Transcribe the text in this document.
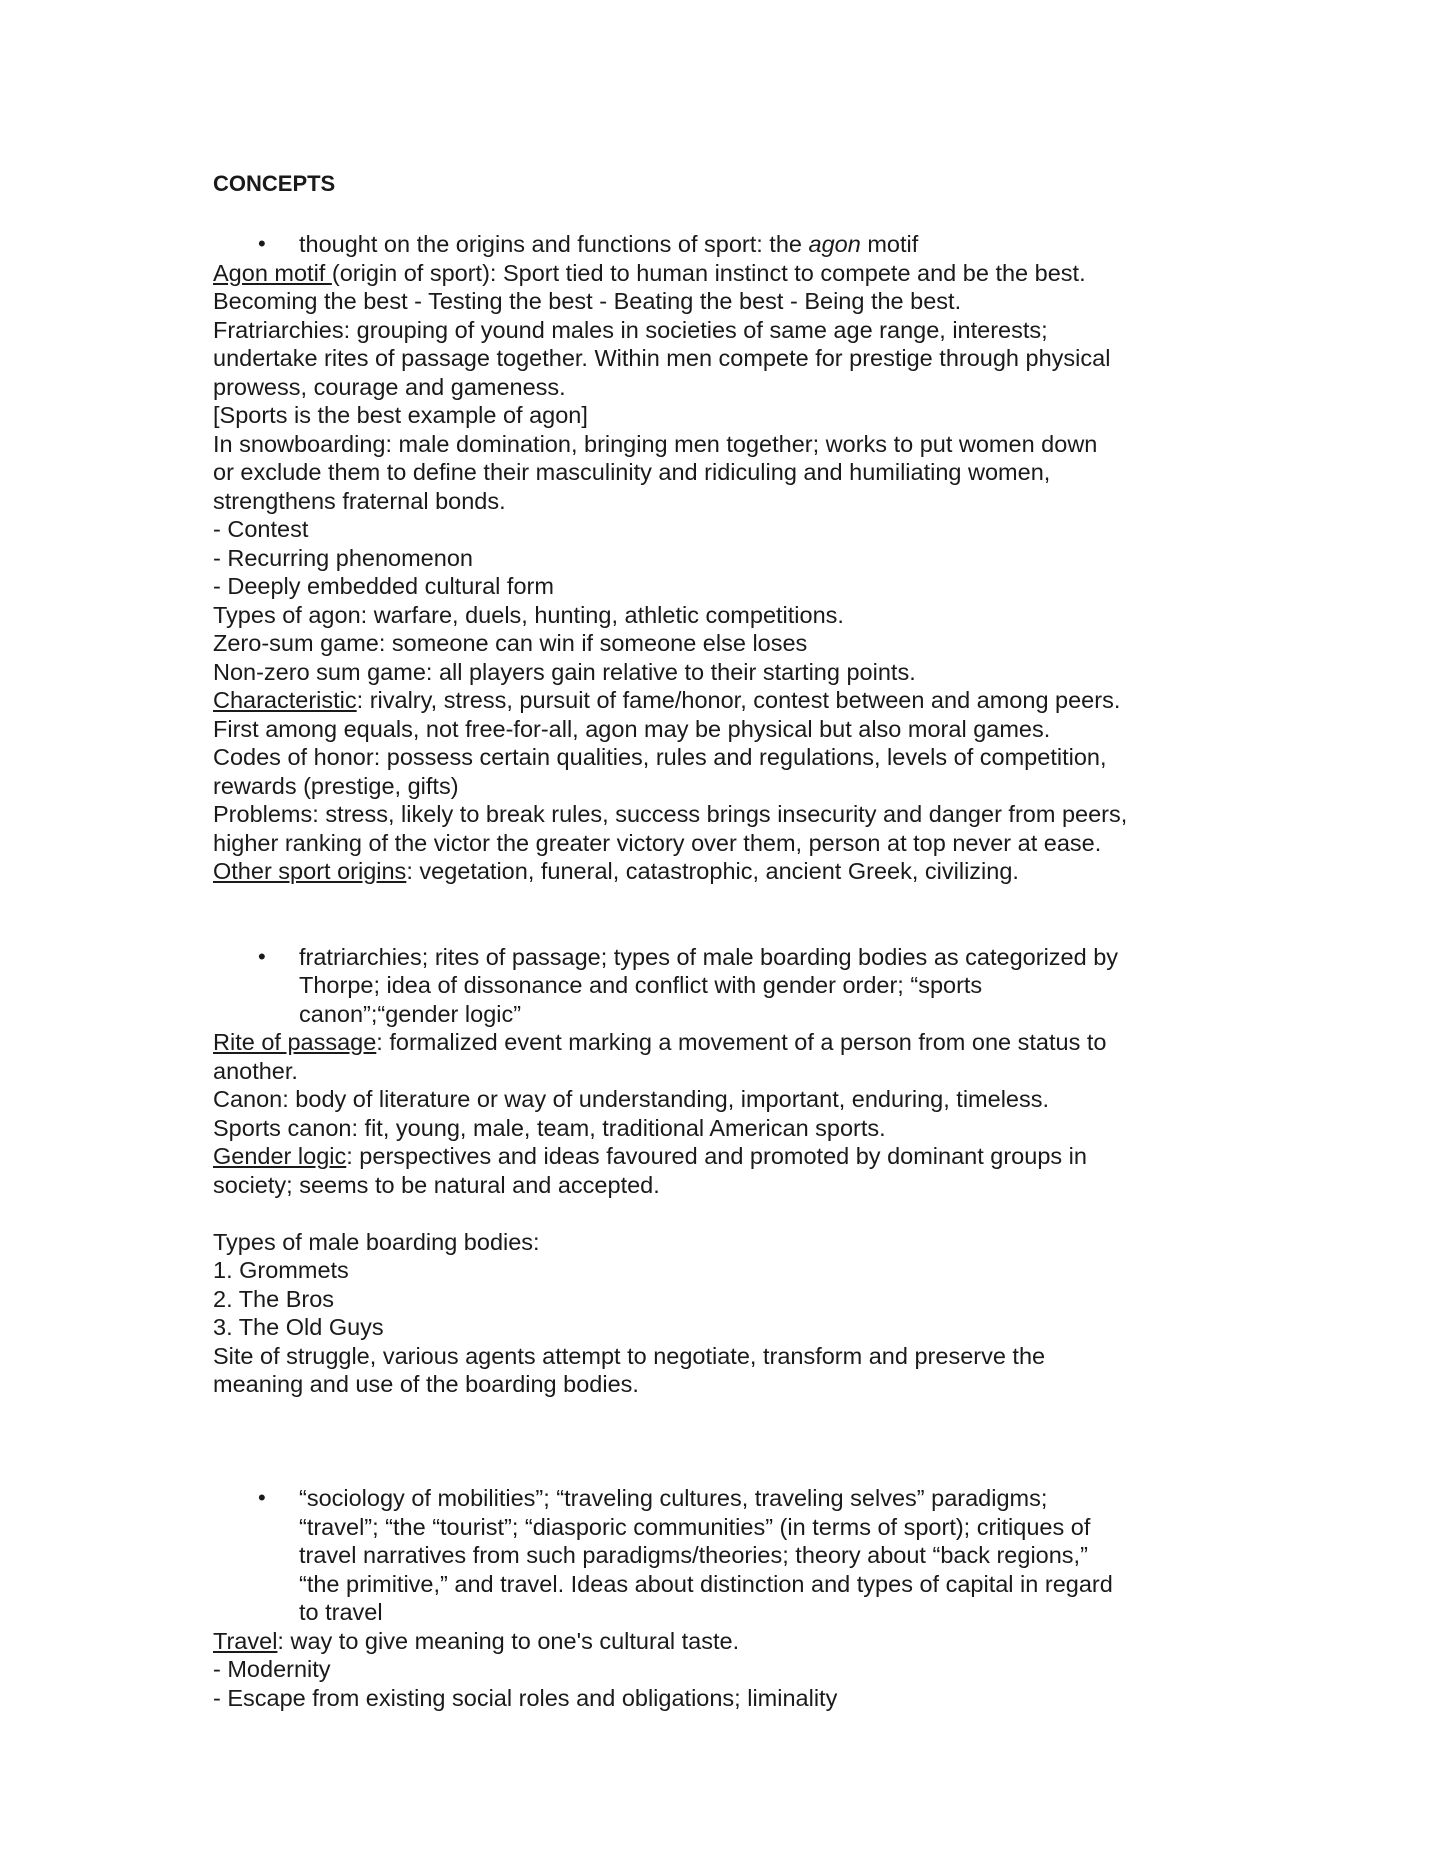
CONCEPTS
• thought on the origins and functions of sport: the agon motif
Agon motif (origin of sport): Sport tied to human instinct to compete and be the best.
Becoming the best - Testing the best - Beating the best - Being the best.
Fratriarchies: grouping of yound males in societies of same age range, interests;
undertake rites of passage together. Within men compete for prestige through physical
prowess, courage and gameness.
[Sports is the best example of agon]
In snowboarding: male domination, bringing men together; works to put women down
or exclude them to define their masculinity and ridiculing and humiliating women,
strengthens fraternal bonds.
- Contest
- Recurring phenomenon
- Deeply embedded cultural form
Types of agon: warfare, duels, hunting, athletic competitions.
Zero-sum game: someone can win if someone else loses
Non-zero sum game: all players gain relative to their starting points.
Characteristic: rivalry, stress, pursuit of fame/honor, contest between and among peers.
First among equals, not free-for-all, agon may be physical but also moral games.
Codes of honor: possess certain qualities, rules and regulations, levels of competition,
rewards (prestige, gifts)
Problems: stress, likely to break rules, success brings insecurity and danger from peers,
higher ranking of the victor the greater victory over them, person at top never at ease.
Other sport origins: vegetation, funeral, catastrophic, ancient Greek, civilizing.
• fratriarchies; rites of passage; types of male boarding bodies as categorized by
Thorpe; idea of dissonance and conflict with gender order; “sports
canon”;“gender logic”
Rite of passage: formalized event marking a movement of a person from one status to
another.
Canon: body of literature or way of understanding, important, enduring, timeless.
Sports canon: fit, young, male, team, traditional American sports.
Gender logic: perspectives and ideas favoured and promoted by dominant groups in
society; seems to be natural and accepted.
Types of male boarding bodies:
1. Grommets
2. The Bros
3. The Old Guys
Site of struggle, various agents attempt to negotiate, transform and preserve the
meaning and use of the boarding bodies.
• “sociology of mobilities”; “traveling cultures, traveling selves” paradigms;
“travel”; “the “tourist”; “diasporic communities” (in terms of sport); critiques of
travel narratives from such paradigms/theories; theory about “back regions,”
“the primitive,” and travel. Ideas about distinction and types of capital in regard
to travel
Travel: way to give meaning to one's cultural taste.
- Modernity
- Escape from existing social roles and obligations; liminality
